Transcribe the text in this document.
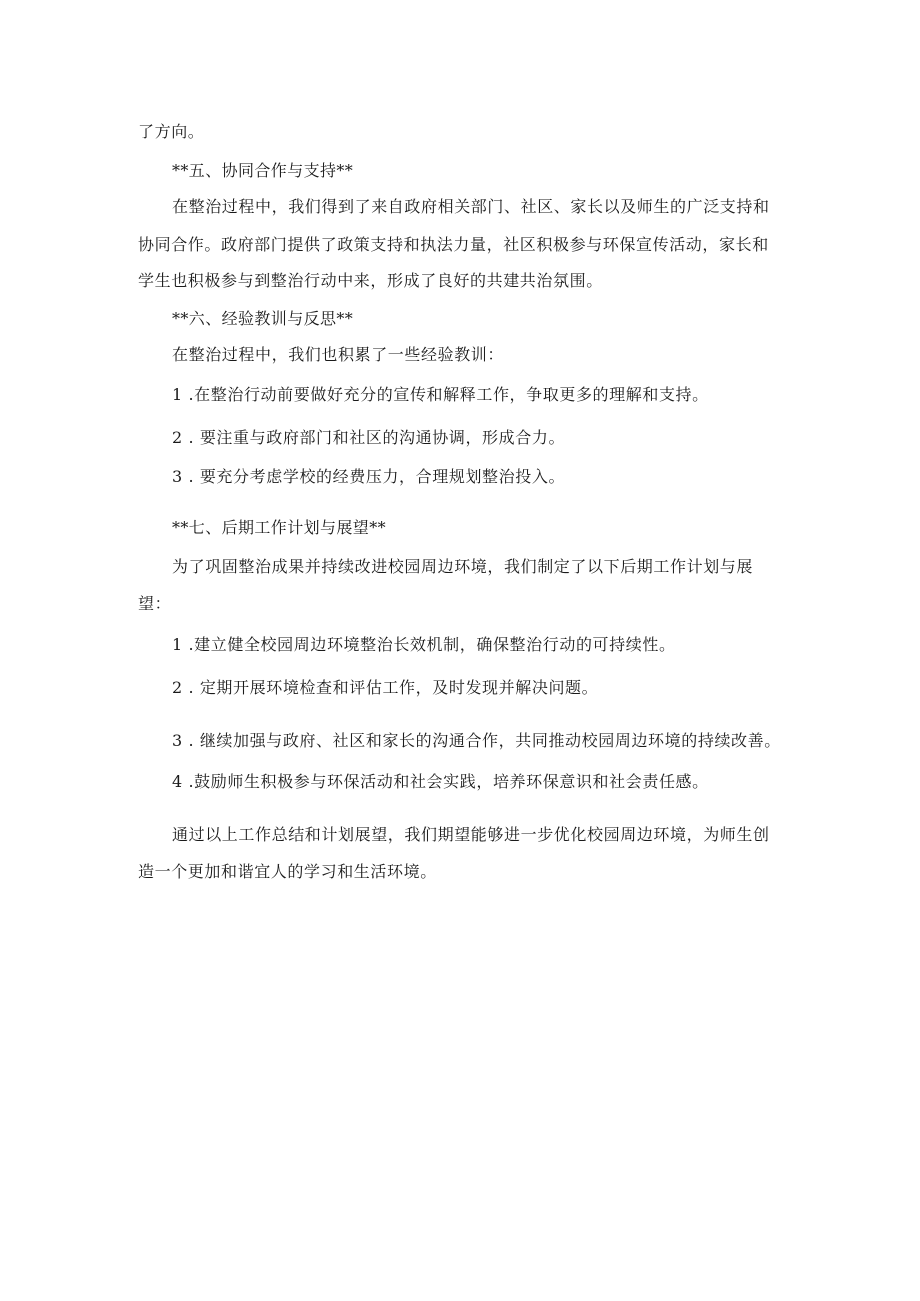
了方向。
**五、协同合作与支持**
在整治过程中，我们得到了来自政府相关部门、社区、家长以及师生的广泛支持和
协同合作。政府部门提供了政策支持和执法力量，社区积极参与环保宣传活动，家长和
学生也积极参与到整治行动中来，形成了良好的共建共治氛围。
**六、经验教训与反思**
在整治过程中，我们也积累了一些经验教训：
1 .在整治行动前要做好充分的宣传和解释工作，争取更多的理解和支持。
2 . 要注重与政府部门和社区的沟通协调，形成合力。
3 . 要充分考虑学校的经费压力，合理规划整治投入。
**七、后期工作计划与展望**
为了巩固整治成果并持续改进校园周边环境，我们制定了以下后期工作计划与展
望：
1 .建立健全校园周边环境整治长效机制，确保整治行动的可持续性。
2 . 定期开展环境检查和评估工作，及时发现并解决问题。
3 . 继续加强与政府、社区和家长的沟通合作，共同推动校园周边环境的持续改善。
4 .鼓励师生积极参与环保活动和社会实践，培养环保意识和社会责任感。
通过以上工作总结和计划展望，我们期望能够进一步优化校园周边环境，为师生创
造一个更加和谐宜人的学习和生活环境。
